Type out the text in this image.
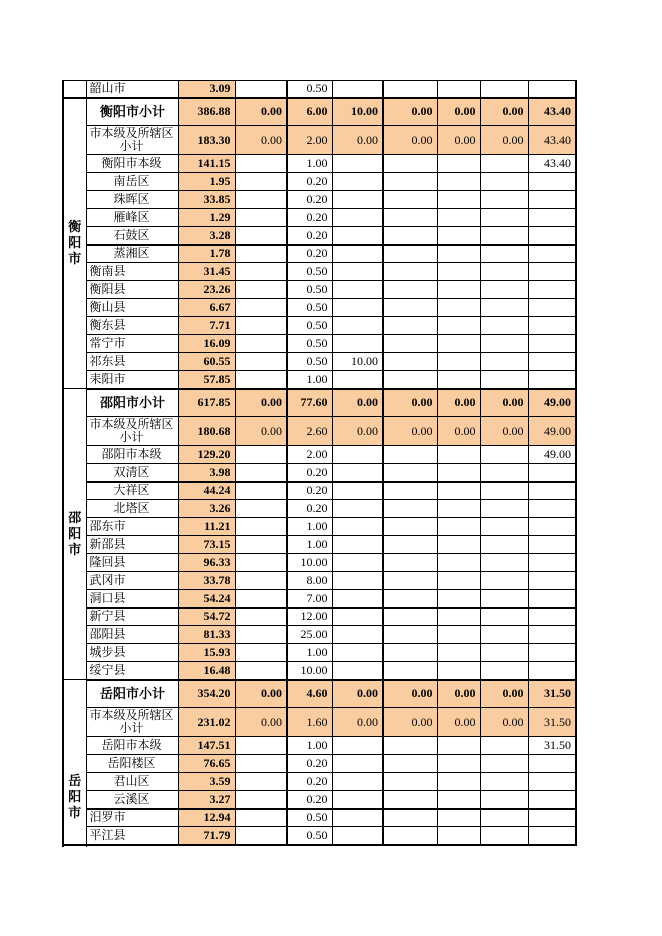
	韶山市	3.09		0.50					
衡阳市	衡阳市小计	386.88	0.00	6.00	10.00	0.00	0.00	0.00	43.40
	市本级及所辖区小计	183.30	0.00	2.00	0.00	0.00	0.00	0.00	43.40
	衡阳市本级	141.15		1.00					43.40
	南岳区	1.95		0.20					
	珠晖区	33.85		0.20					
	雁峰区	1.29		0.20					
	石鼓区	3.28		0.20					
	蒸湘区	1.78		0.20					
	衡南县	31.45		0.50					
	衡阳县	23.26		0.50					
	衡山县	6.67		0.50					
	衡东县	7.71		0.50					
	常宁市	16.09		0.50					
	祁东县	60.55		0.50	10.00				
	耒阳市	57.85		1.00					
邵阳市	邵阳市小计	617.85	0.00	77.60	0.00	0.00	0.00	0.00	49.00
	市本级及所辖区小计	180.68	0.00	2.60	0.00	0.00	0.00	0.00	49.00
	邵阳市本级	129.20		2.00					49.00
	双清区	3.98		0.20					
	大祥区	44.24		0.20					
	北塔区	3.26		0.20					
	邵东市	11.21		1.00					
	新邵县	73.15		1.00					
	隆回县	96.33		10.00					
	武冈市	33.78		8.00					
	洞口县	54.24		7.00					
	新宁县	54.72		12.00					
	邵阳县	81.33		25.00					
	城步县	15.93		1.00					
	绥宁县	16.48		10.00					
岳阳市	岳阳市小计	354.20	0.00	4.60	0.00	0.00	0.00	0.00	31.50
	市本级及所辖区小计	231.02	0.00	1.60	0.00	0.00	0.00	0.00	31.50
	岳阳市本级	147.51		1.00					31.50
	岳阳楼区	76.65		0.20					
	君山区	3.59		0.20					
	云溪区	3.27		0.20					
	汨罗市	12.94		0.50					
	平江县	71.79		0.50					
